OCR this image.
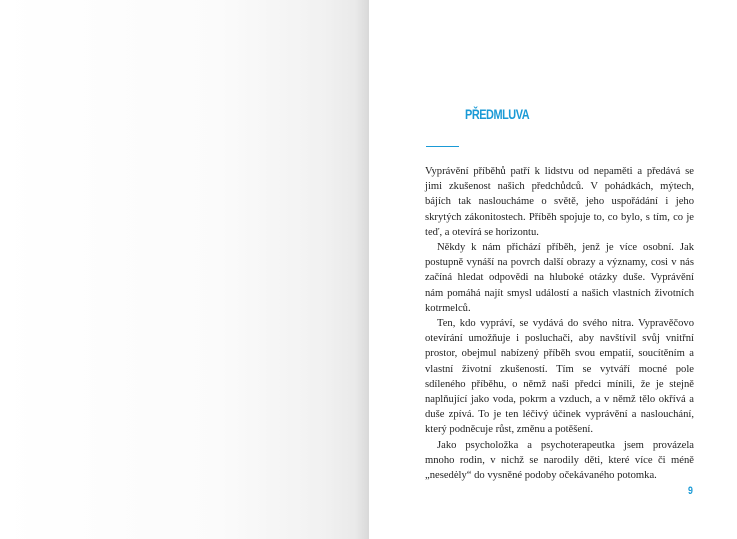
PŘEDMLUVA

Vyprávění příběhů patří k lidstvu od nepaměti a předává se jimi zkušenost našich předchůdců. V pohádkách, mýtech, bájích tak nasloucháme o světě, jeho uspořádání i jeho skrytých zákonitostech. Příběh spojuje to, co bylo, s tím, co je teď, a otevírá se horizontu.

Někdy k nám přichází příběh, jenž je více osobní. Jak postupně vynáší na povrch další obrazy a významy, cosi v nás začíná hledat odpovědi na hluboké otázky duše. Vyprávění nám pomáhá najít smysl událostí a našich vlastních životních kotrmelců.

Ten, kdo vypráví, se vydává do svého nitra. Vypravěčovo otevírání umožňuje i posluchači, aby navštívil svůj vnitřní prostor, obejmul nabízený příběh svou empatií, soucítěním a vlastní životní zkušeností. Tím se vytváří mocné pole sdíleného příběhu, o němž naši předci mínili, že je stejně naplňující jako voda, pokrm a vzduch, a v němž tělo okřívá a duše zpívá. To je ten léčivý účinek vyprávění a naslouchání, který podněcuje růst, změnu a potěšení.

Jako psycholožka a psychoterapeutka jsem provázela mnoho rodin, v nichž se narodily děti, které více či méně „nesedėly“ do vysněné podoby očekávaného potomka.

9
